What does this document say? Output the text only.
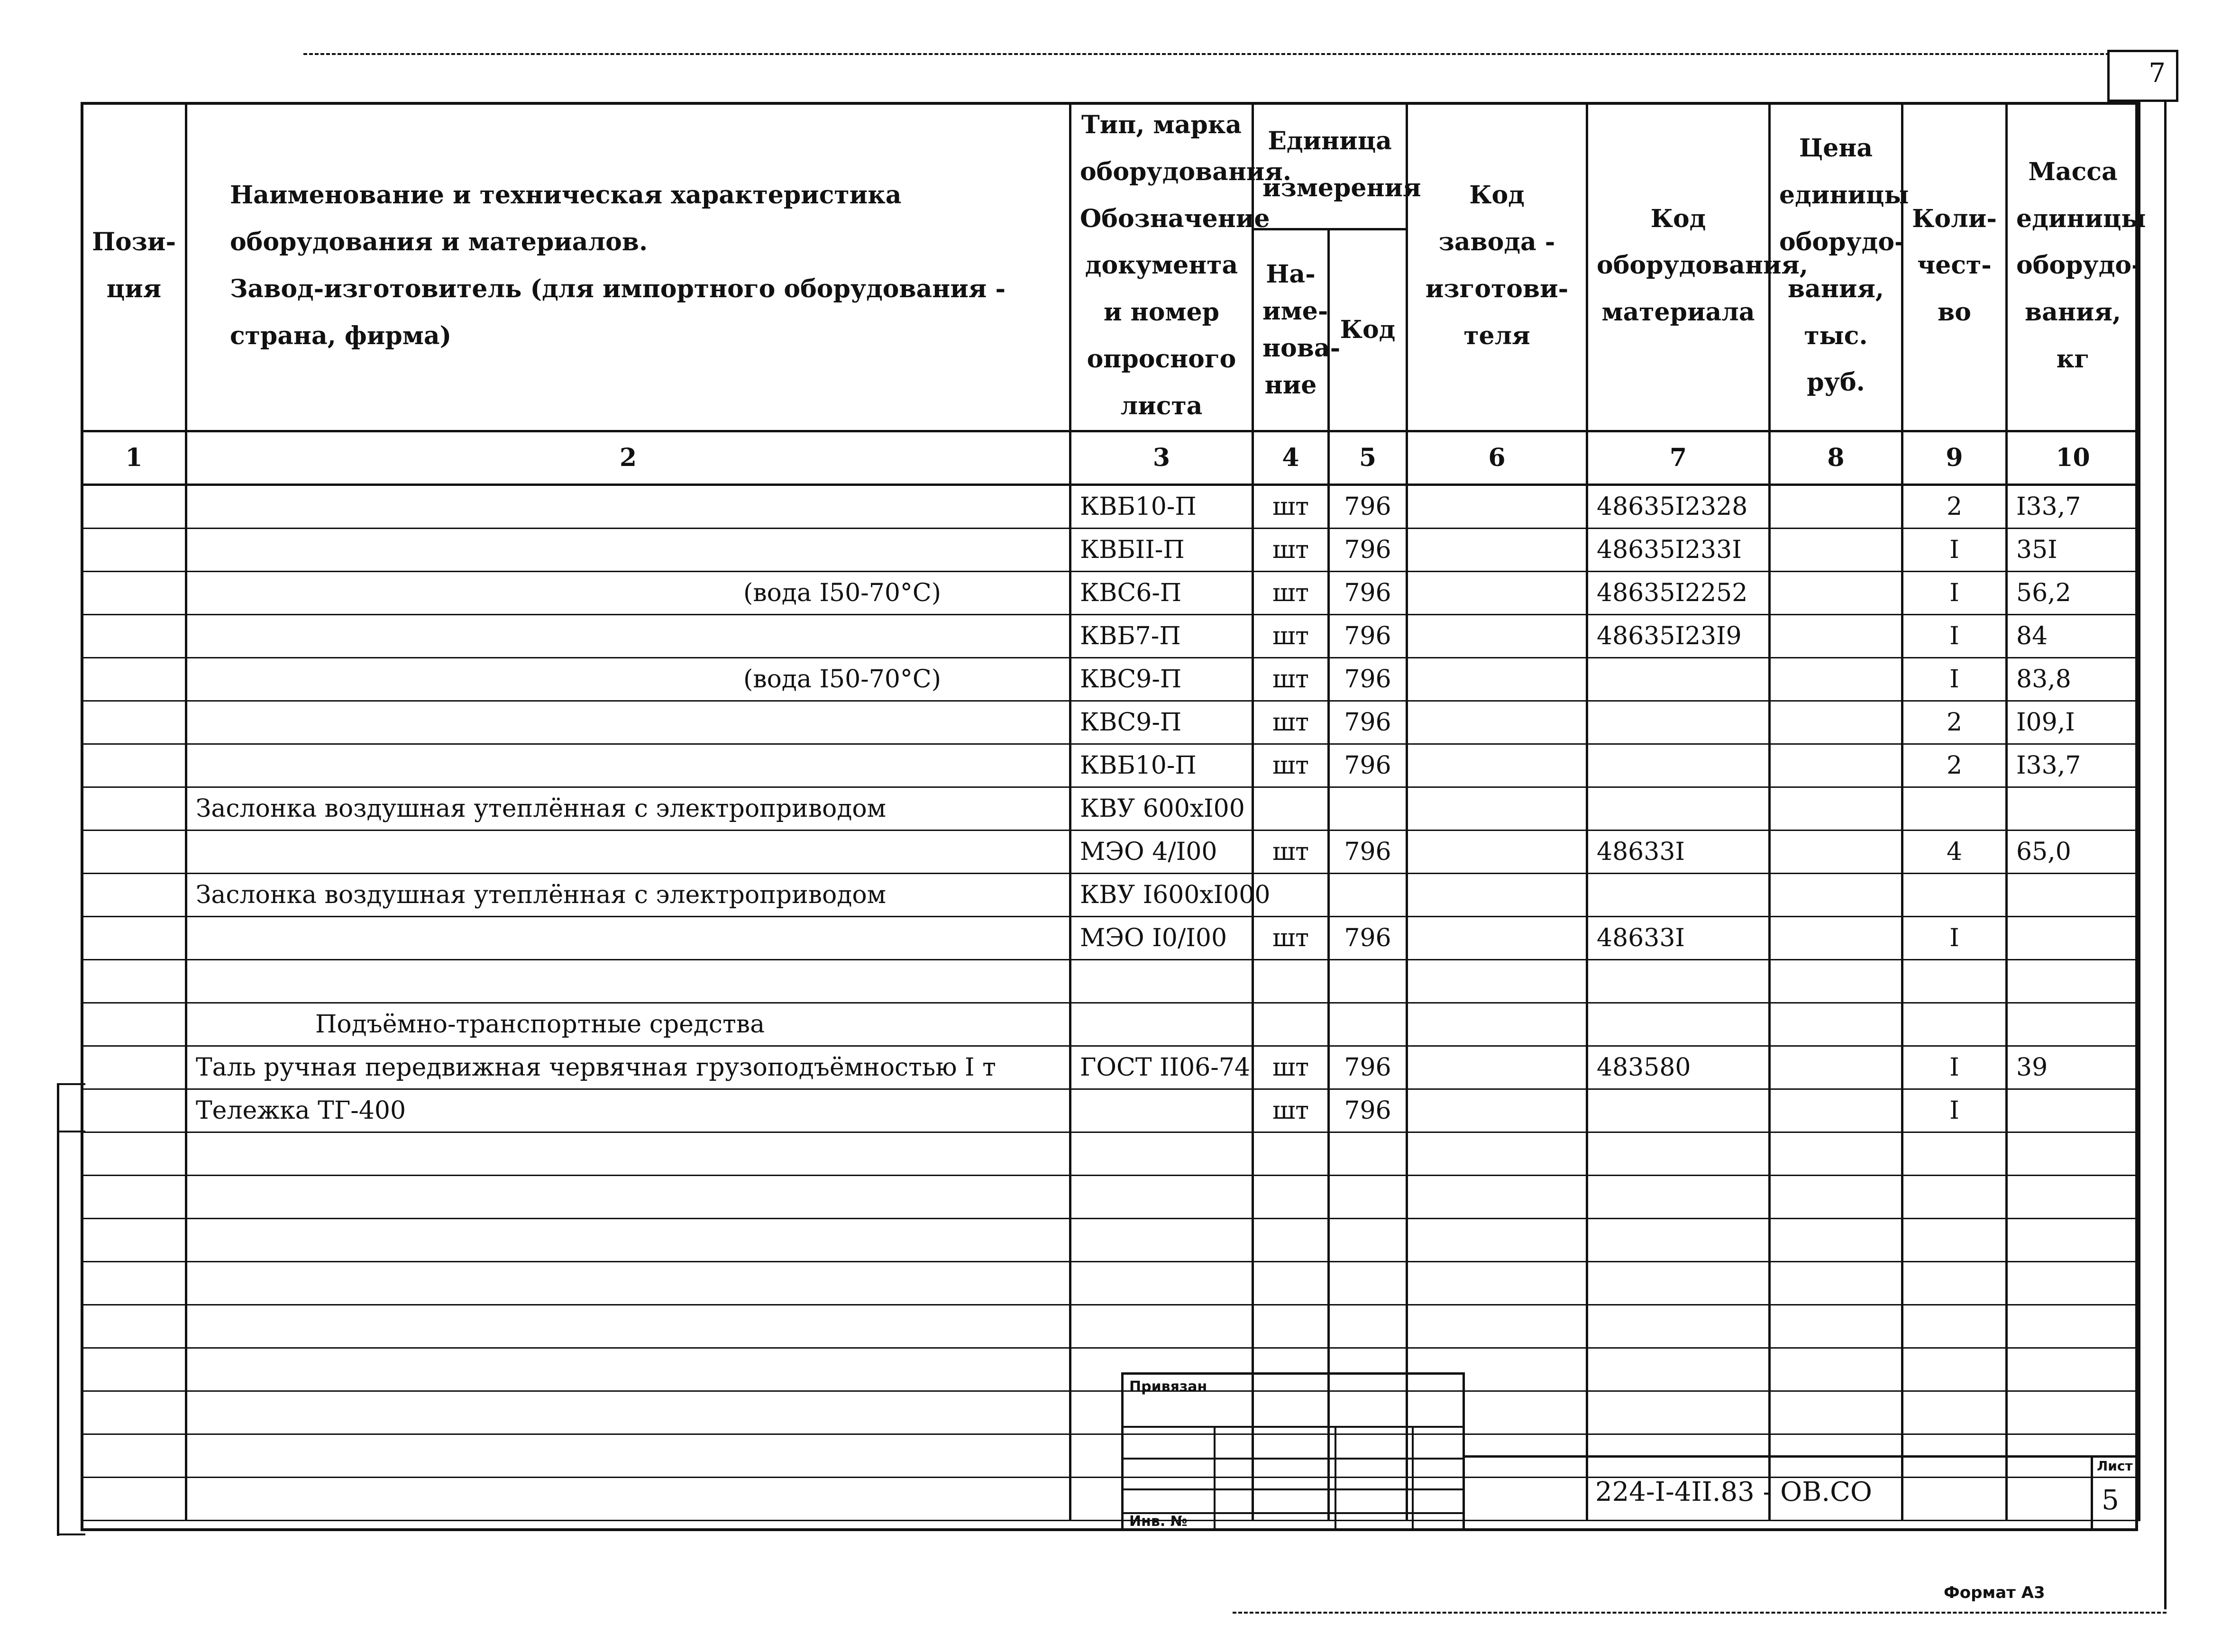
7
Пози- ция	Наименование и техническая характеристика оборудования и материалов.
Завод-изготовитель (для импортного оборудования - страна, фирма)	Тип, марка оборудования. Обозначение документа и номер опросного листа	Единица измерения		Код завода - изготови- теля	Код оборудования, материала	Цена единицы оборудо- вания, тыс. руб.	Коли- чест- во	Масса единицы оборудо- вания, кг
			На- име- нова- ние	Код					
1	2	3	4	5	6	7	8	9	10
		КВБ10-П	шт	796		48635I2328		2	I33,7
		КВБII-П	шт	796		48635I233I		I	35I
	(вода I50-70°С)	КВС6-П	шт	796		48635I2252		I	56,2
		КВБ7-П	шт	796		48635I23I9		I	84
	(вода I50-70°С)	КВС9-П	шт	796				I	83,8
		КВС9-П	шт	796				2	I09,I
		КВБ10-П	шт	796				2	I33,7
	Заслонка воздушная утеплённая с электроприводом	КВУ 600хI00							
		МЭО 4/I00	шт	796		48633I		4	65,0
	Заслонка воздушная утеплённая с электроприводом	КВУ I600хI000							
		МЭО I0/I00	шт	796		48633I		I	

	Подъёмно-транспортные средства								
	Таль ручная передвижная червячная грузоподъёмностью I т	ГОСТ II06-74	шт	796		483580		I	39
	Тележка ТГ-400		шт	796				I	

Привязан
Инв. №
224-I-4II.83 - ОВ.СО
Лист
5
Формат А3
